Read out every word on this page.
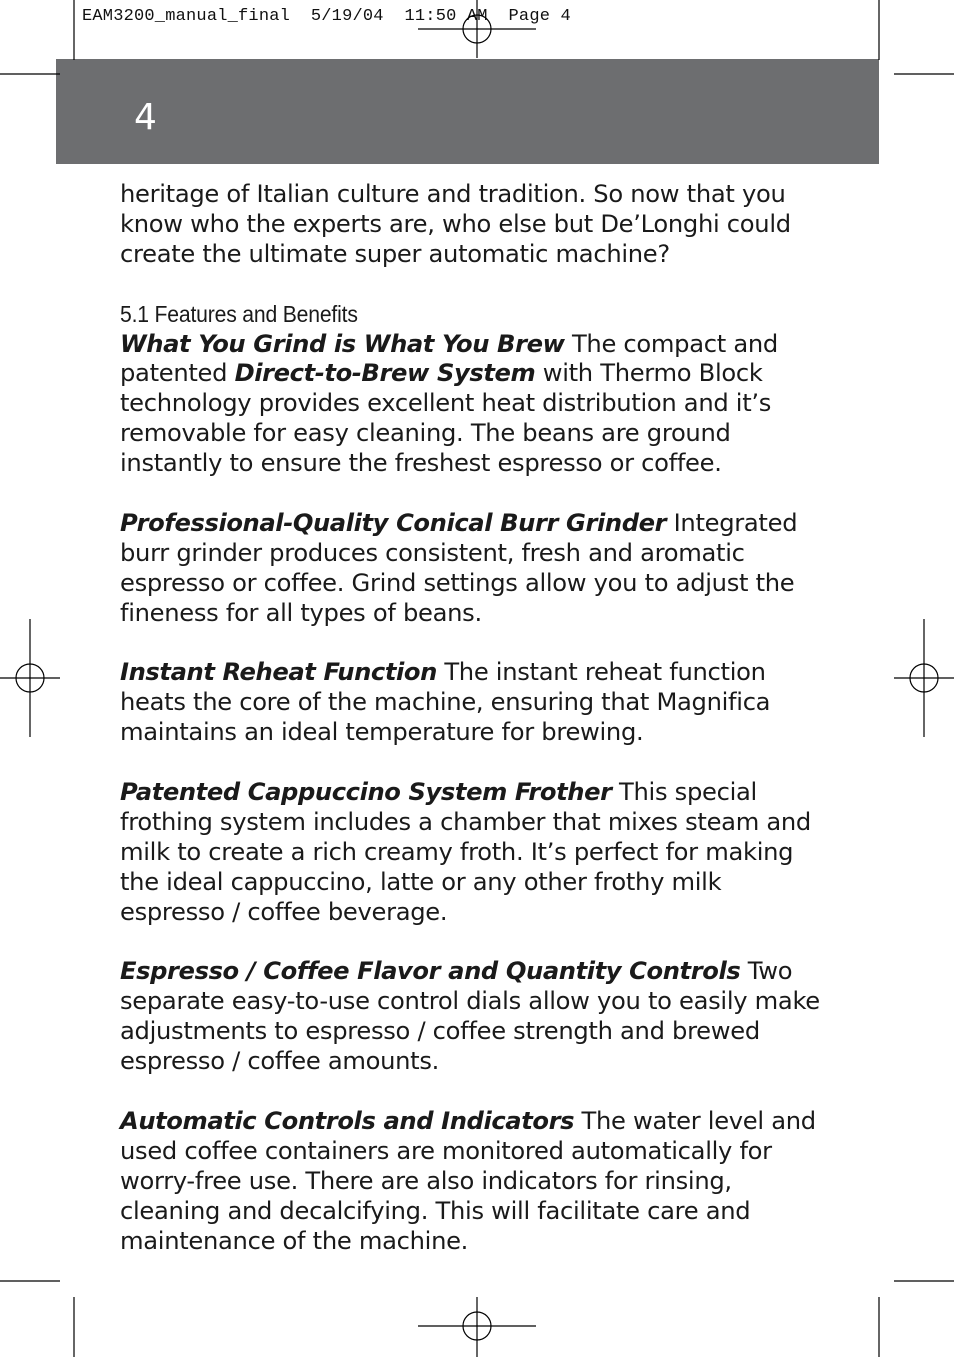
EAM3200_manual_final 5/19/04 11:50 AM Page 4
4

heritage of Italian culture and tradition. So now that you know who the experts are, who else but De’Longhi could create the ultimate super automatic machine?

5.1 Features and Benefits

What You Grind is What You Brew The compact and patented Direct-to-Brew System with Thermo Block technology provides excellent heat distribution and it’s removable for easy cleaning. The beans are ground instantly to ensure the freshest espresso or coffee.

Professional-Quality Conical Burr Grinder Integrated burr grinder produces consistent, fresh and aromatic espresso or coffee. Grind settings allow you to adjust the fineness for all types of beans.

Instant Reheat Function The instant reheat function heats the core of the machine, ensuring that Magnifica maintains an ideal temperature for brewing.

Patented Cappuccino System Frother This special frothing system includes a chamber that mixes steam and milk to create a rich creamy froth. It’s perfect for making the ideal cappuccino, latte or any other frothy milk espresso / coffee beverage.

Espresso / Coffee Flavor and Quantity Controls Two separate easy-to-use control dials allow you to easily make adjustments to espresso / coffee strength and brewed espresso / coffee amounts.

Automatic Controls and Indicators The water level and used coffee containers are monitored automatically for worry-free use. There are also indicators for rinsing, cleaning and decalcifying. This will facilitate care and maintenance of the machine.
